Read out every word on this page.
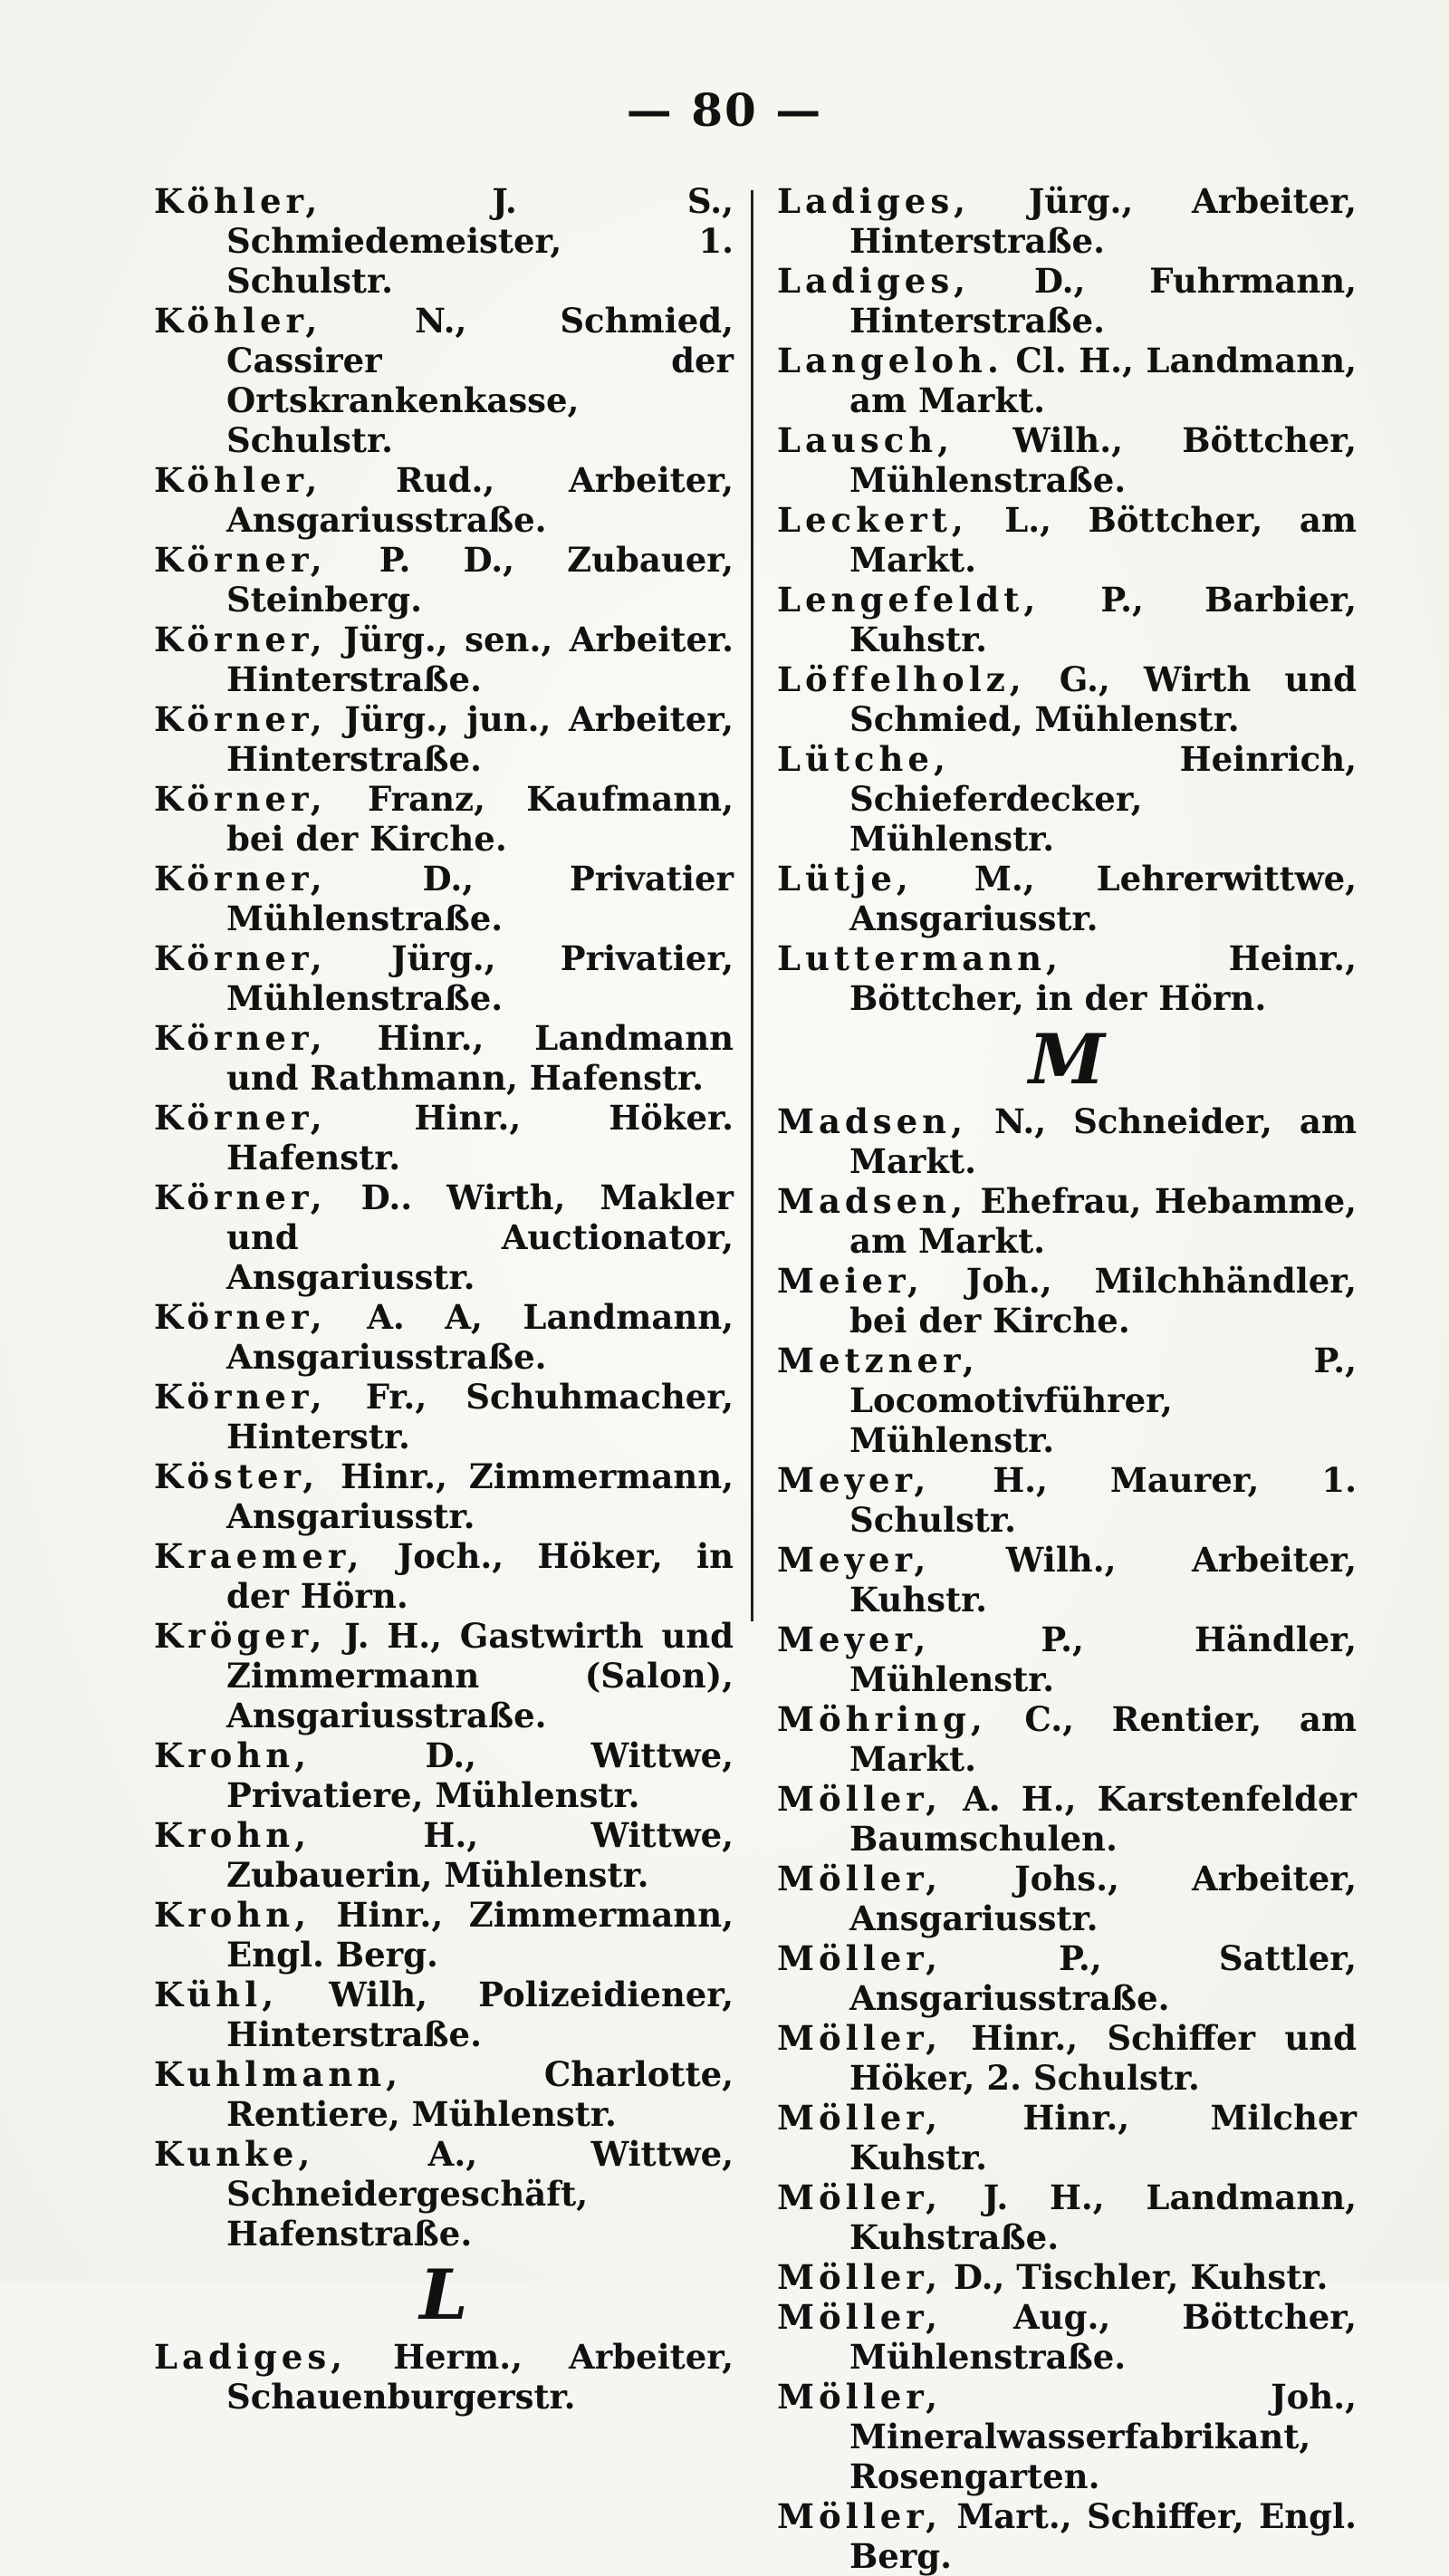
— 80 —

Köhler, J. S., Schmiedemeister, 1. Schulstr.

Köhler, N., Schmied, Cassirer der Ortskrankenkasse, Schulstr.

Köhler, Rud., Arbeiter, Ansgariusstraße.

Körner, P. D., Zubauer, Steinberg.

Körner, Jürg., sen., Arbeiter. Hinterstraße.

Körner, Jürg., jun., Arbeiter, Hinterstraße.

Körner, Franz, Kaufmann, bei der Kirche.

Körner, D., Privatier Mühlenstraße.

Körner, Jürg., Privatier, Mühlenstraße.

Körner, Hinr., Landmann und Rathmann, Hafenstr.

Körner, Hinr., Höker. Hafenstr.

Körner, D.. Wirth, Makler und Auctionator, Ansgariusstr.

Körner, A. A, Landmann, Ansgariusstraße.

Körner, Fr., Schuhmacher, Hinterstr.

Köster, Hinr., Zimmermann, Ansgariusstr.

Kraemer, Joch., Höker, in der Hörn.

Kröger, J. H., Gastwirth und Zimmermann (Salon), Ansgariusstraße.

Krohn, D., Wittwe, Privatiere, Mühlenstr.

Krohn, H., Wittwe, Zubauerin, Mühlenstr.

Krohn, Hinr., Zimmermann, Engl. Berg.

Kühl, Wilh, Polizeidiener, Hinterstraße.

Kuhlmann, Charlotte, Rentiere, Mühlenstr.

Kunke, A., Wittwe, Schneidergeschäft, Hafenstraße.

L

Ladiges, Herm., Arbeiter, Schauenburgerstr.

Ladiges, Jürg., Arbeiter, Hinterstraße.

Ladiges, D., Fuhrmann, Hinterstraße.

Langeloh. Cl. H., Landmann, am Markt.

Lausch, Wilh., Böttcher, Mühlenstraße.

Leckert, L., Böttcher, am Markt.

Lengefeldt, P., Barbier, Kuhstr.

Löffelholz, G., Wirth und Schmied, Mühlenstr.

Lütche, Heinrich, Schieferdecker, Mühlenstr.

Lütje, M., Lehrerwittwe, Ansgariusstr.

Luttermann, Heinr., Böttcher, in der Hörn.

M

Madsen, N., Schneider, am Markt.

Madsen, Ehefrau, Hebamme, am Markt.

Meier, Joh., Milchhändler, bei der Kirche.

Metzner, P., Locomotivführer, Mühlenstr.

Meyer, H., Maurer, 1. Schulstr.

Meyer, Wilh., Arbeiter, Kuhstr.

Meyer, P., Händler, Mühlenstr.

Möhring, C., Rentier, am Markt.

Möller, A. H., Karstenfelder Baumschulen.

Möller, Johs., Arbeiter, Ansgariusstr.

Möller, P., Sattler, Ansgariusstraße.

Möller, Hinr., Schiffer und Höker, 2. Schulstr.

Möller, Hinr., Milcher Kuhstr.

Möller, J. H., Landmann, Kuhstraße.

Möller, D., Tischler, Kuhstr.

Möller, Aug., Böttcher, Mühlenstraße.

Möller, Joh., Mineralwasserfabrikant, Rosengarten.

Möller, Mart., Schiffer, Engl. Berg.
